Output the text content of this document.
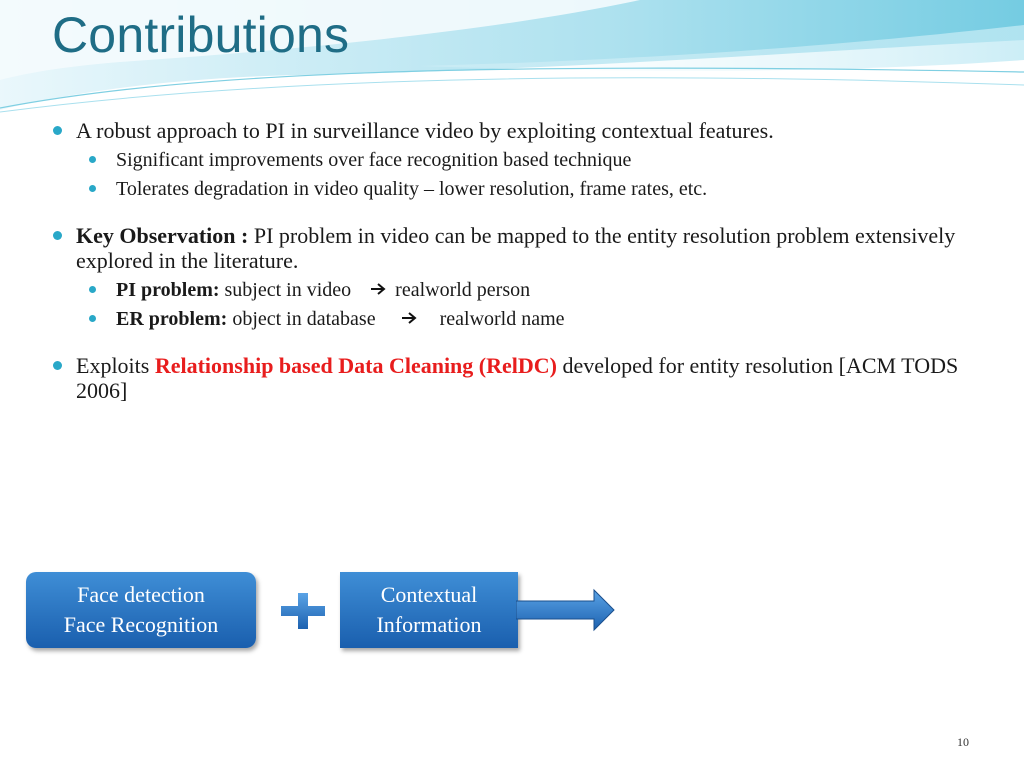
Contributions
A robust approach to PI in surveillance video by exploiting contextual features.
Significant improvements over face recognition based technique
Tolerates degradation in video quality – lower resolution, frame rates, etc.
Key Observation : PI problem in video can be mapped to the entity resolution problem extensively explored in the literature.
PI problem: subject in video realworld person
ER problem: object in database	realworld name
Exploits Relationship based Data Cleaning (RelDC) developed for entity resolution [ACM TODS 2006]
Face detection
Face Recognition
Contextual
Information
10
